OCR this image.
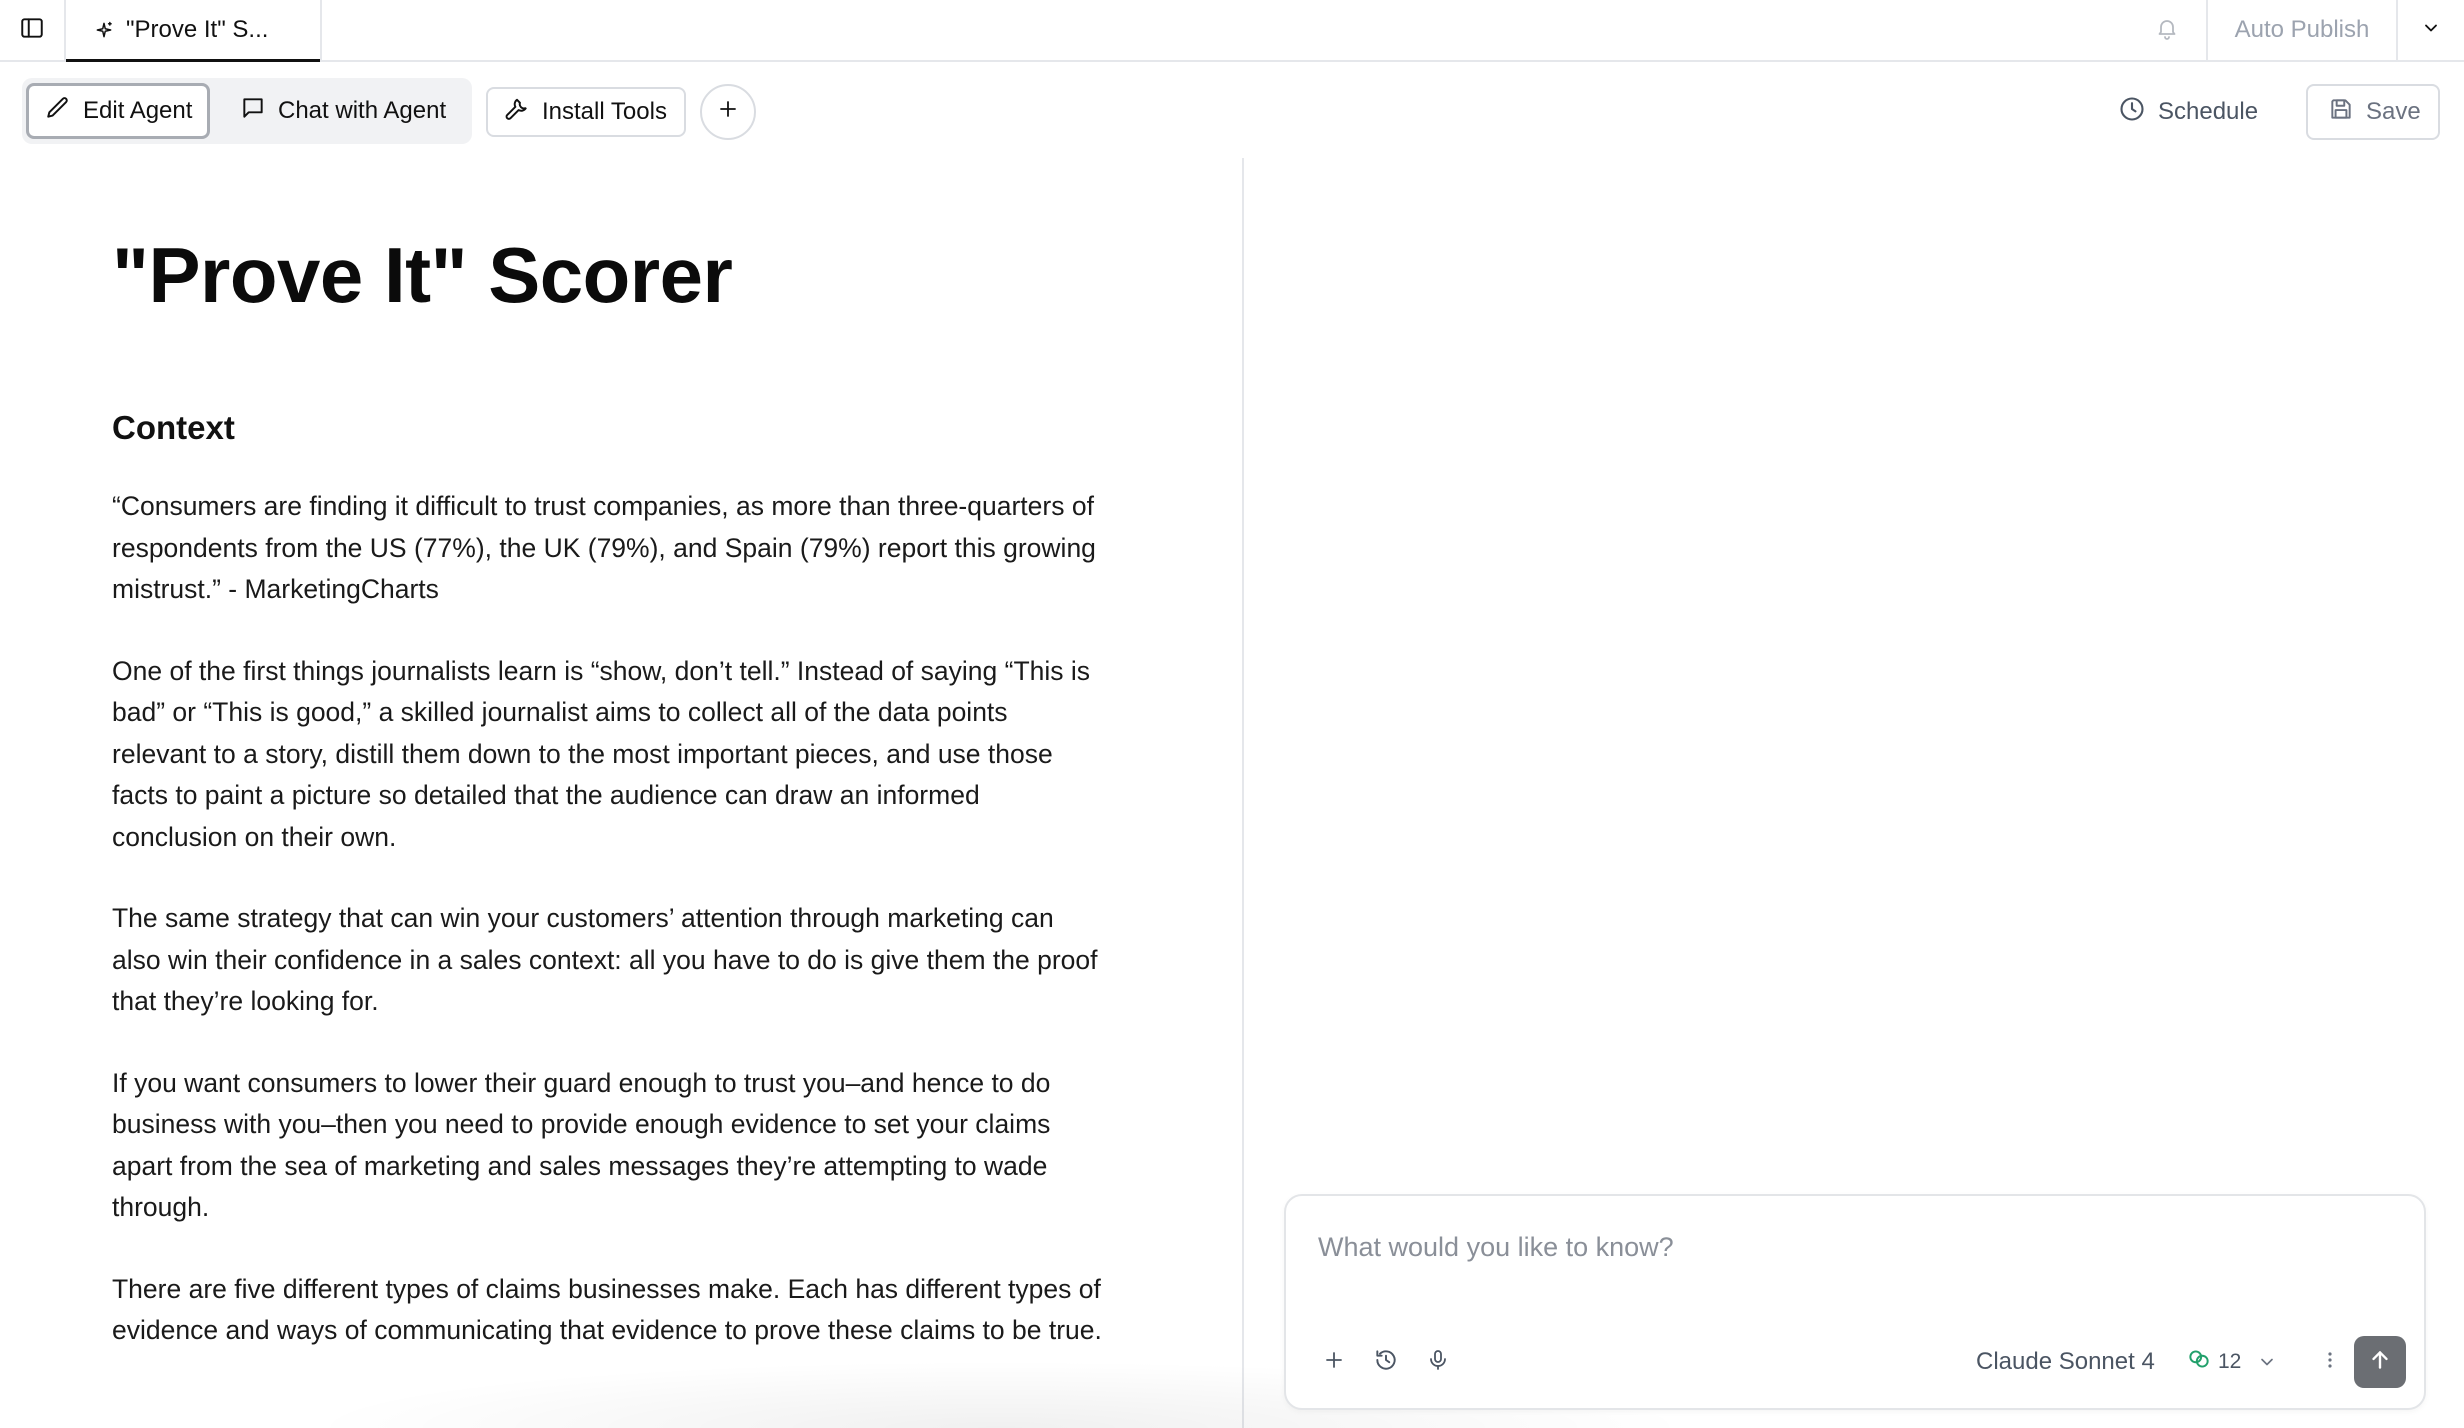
"Prove It" S...	Auto Publish
Edit Agent	Chat with Agent	Install Tools	Schedule	Save
"Prove It" Scorer
Context

“Consumers are finding it difficult to trust companies, as more than three-quarters of respondents from the US (77%), the UK (79%), and Spain (79%) report this growing mistrust.” - MarketingCharts

One of the first things journalists learn is “show, don’t tell.” Instead of saying “This is bad” or “This is good,” a skilled journalist aims to collect all of the data points relevant to a story, distill them down to the most important pieces, and use those facts to paint a picture so detailed that the audience can draw an informed conclusion on their own.

The same strategy that can win your customers’ attention through marketing can also win their confidence in a sales context: all you have to do is give them the proof that they’re looking for.

If you want consumers to lower their guard enough to trust you–and hence to do business with you–then you need to provide enough evidence to set your claims apart from the sea of marketing and sales messages they’re attempting to wade through.

There are five different types of claims businesses make. Each has different types of evidence and ways of communicating that evidence to prove these claims to be true.

What would you like to know?
Claude Sonnet 4	12
